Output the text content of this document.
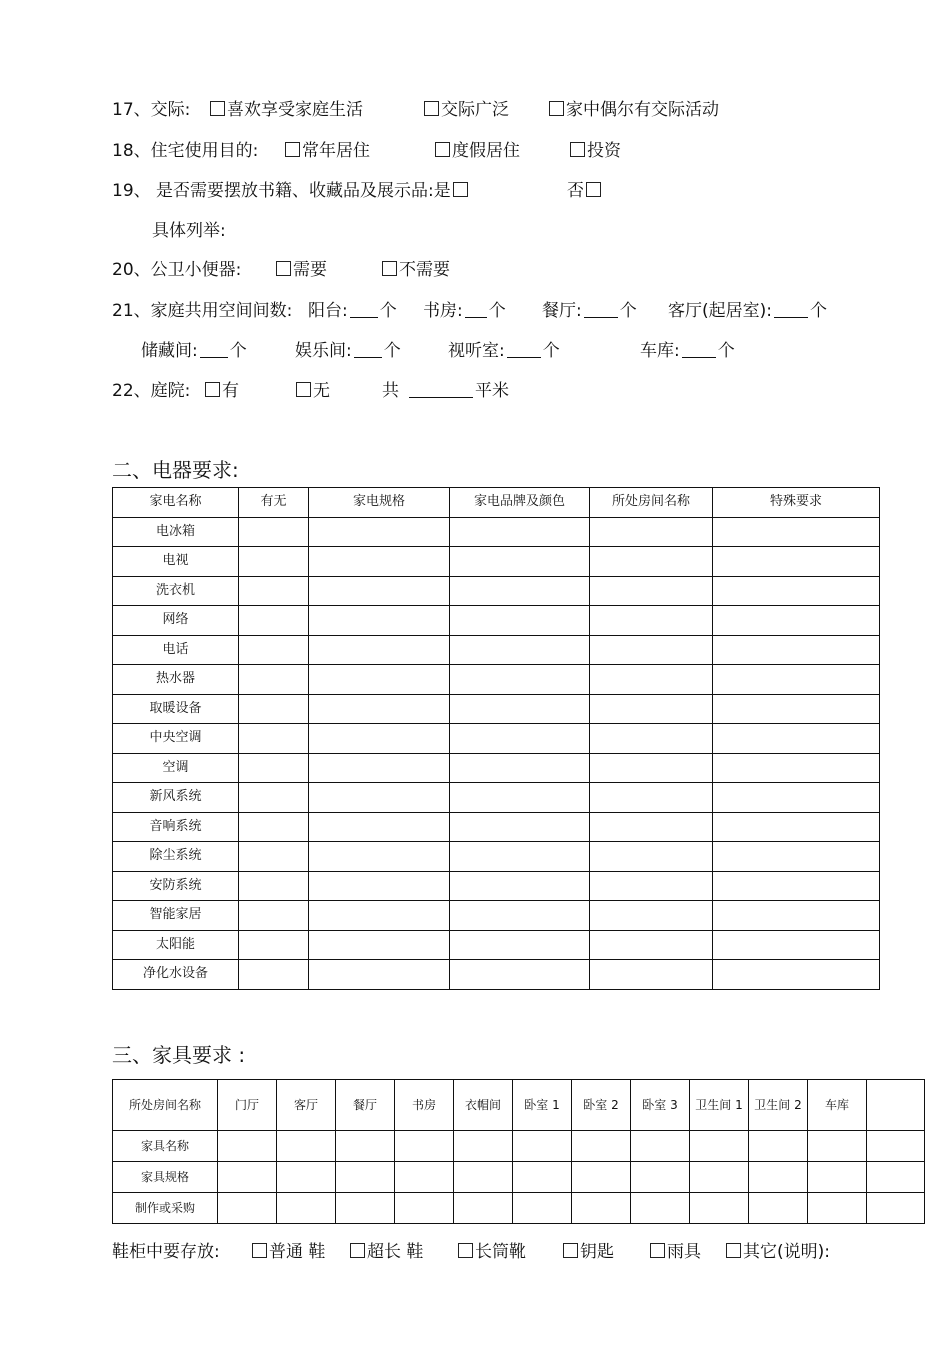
17、交际:	喜欢享受家庭生活	交际广泛	家中偶尔有交际活动
18、住宅使用目的:	常年居住	度假居住	投资
19、 是否需要摆放书籍、收藏品及展示品:是	否
具体列举:
20、公卫小便器:	需要	不需要
21、家庭共用空间间数: 阳台: 个 书房: 个 餐厅: 个 客厅(起居室): 个
储藏间: 个	娱乐间: 个	视听室: 个	车库: 个
22、庭院:	有	无	共	平米
二、电器要求:
家电名称	有无	家电规格	家电品牌及颜色	所处房间名称	特殊要求
电冰箱					
电视					
洗衣机					
网络					
电话					
热水器					
取暖设备					
中央空调					
空调					
新风系统					
音响系统					
除尘系统					
安防系统					
智能家居					
太阳能					
净化水设备					
三、家具要求 :
所处房间名称	门厅	客厅	餐厅	书房	衣帽间	卧室 1	卧室 2	卧室 3	卫生间 1	卫生间 2	车库	
家具名称												
家具规格												
制作或采购												
鞋柜中要存放:	普通 鞋	超长 鞋	长筒靴	钥匙	雨具	其它(说明):
